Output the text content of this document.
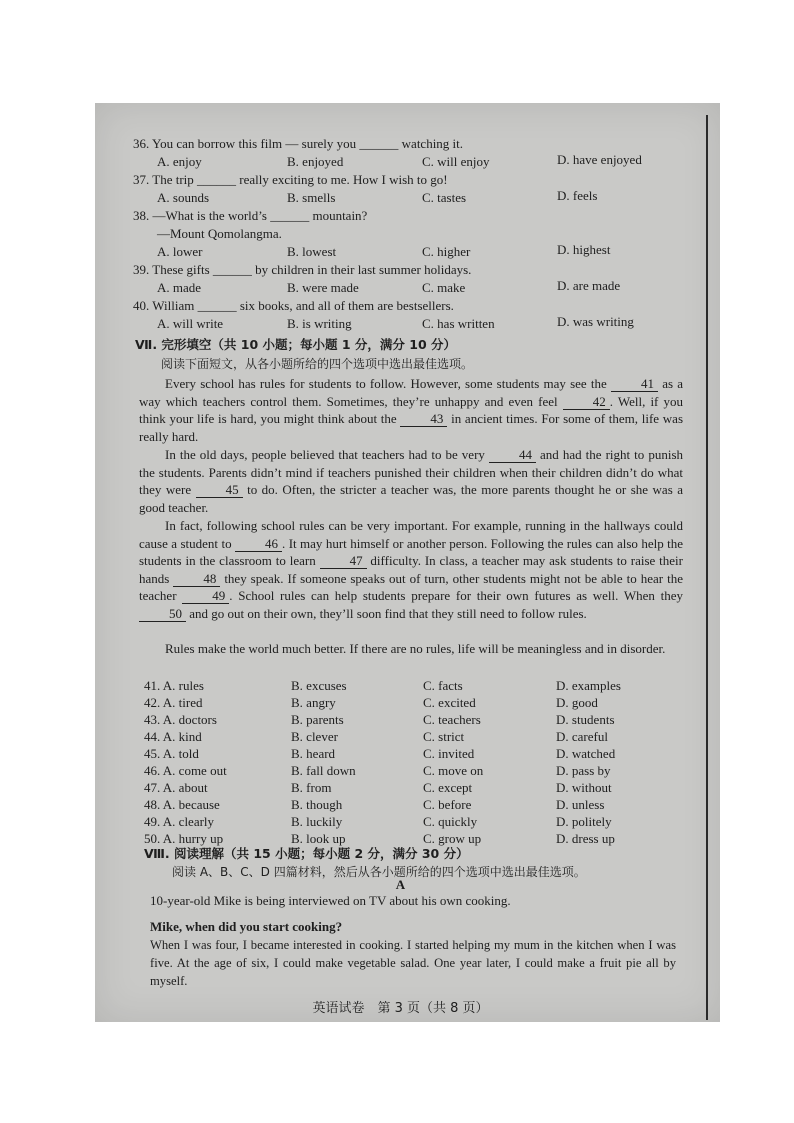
36. You can borrow this film — surely you ______ watching it.
A. enjoy	B. enjoyed	C. will enjoy	D. have enjoyed
37. The trip ______ really exciting to me. How I wish to go!
A. sounds	B. smells	C. tastes	D. feels
38. —What is the world’s ______ mountain?
—Mount Qomolangma.
A. lower	B. lowest	C. higher	D. highest
39. These gifts ______ by children in their last summer holidays.
A. made	B. were made	C. make	D. are made
40. William ______ six books, and all of them are bestsellers.
A. will write	B. is writing	C. has written	D. was writing
Ⅶ. 完形填空（共 10 小题；每小题 1 分，满分 10 分）
阅读下面短文，从各小题所给的四个选项中选出最佳选项。
Every school has rules for students to follow. However, some students may see the	41 as a way which teachers control them. Sometimes, they’re unhappy and even feel	42 . Well, if you think your life is hard, you might think about the	43 in ancient times. For some of them, life was really hard.
In the old days, people believed that teachers had to be very	44 and had the right to punish the students. Parents didn’t mind if teachers punished their children when their children didn’t do what they were	45 to do. Often, the stricter a teacher was, the more parents thought he or she was a good teacher.
In fact, following school rules can be very important. For example, running in the hallways could cause a student to	46 . It may hurt himself or another person. Following the rules can also help the students in the classroom to learn	47 difficulty. In class, a teacher may ask students to raise their hands	48 they speak. If someone speaks out of turn, other students might not be able to hear the teacher	49 . School rules can help students prepare for their own futures as well. When they 50 and go out on their own, they’ll soon find that they still need to follow rules.
Rules make the world much better. If there are no rules, life will be meaningless and in disorder.
41. A. rules	B. excuses	C. facts	D. examples
42. A. tired	B. angry	C. excited	D. good
43. A. doctors	B. parents	C. teachers	D. students
44. A. kind	B. clever	C. strict	D. careful
45. A. told	B. heard	C. invited	D. watched
46. A. come out	B. fall down	C. move on	D. pass by
47. A. about	B. from	C. except	D. without
48. A. because	B. though	C. before	D. unless
49. A. clearly	B. luckily	C. quickly	D. politely
50. A. hurry up	B. look up	C. grow up	D. dress up
Ⅷ. 阅读理解（共 15 小题；每小题 2 分，满分 30 分）
阅读 A、B、C、D 四篇材料，然后从各小题所给的四个选项中选出最佳选项。
A
10-year-old Mike is being interviewed on TV about his own cooking.
Mike, when did you start cooking?
When I was four, I became interested in cooking. I started helping my mum in the kitchen when I was five. At the age of six, I could make vegetable salad. One year later, I could make a fruit pie all by myself.
英语试卷　第 3 页（共 8 页）
